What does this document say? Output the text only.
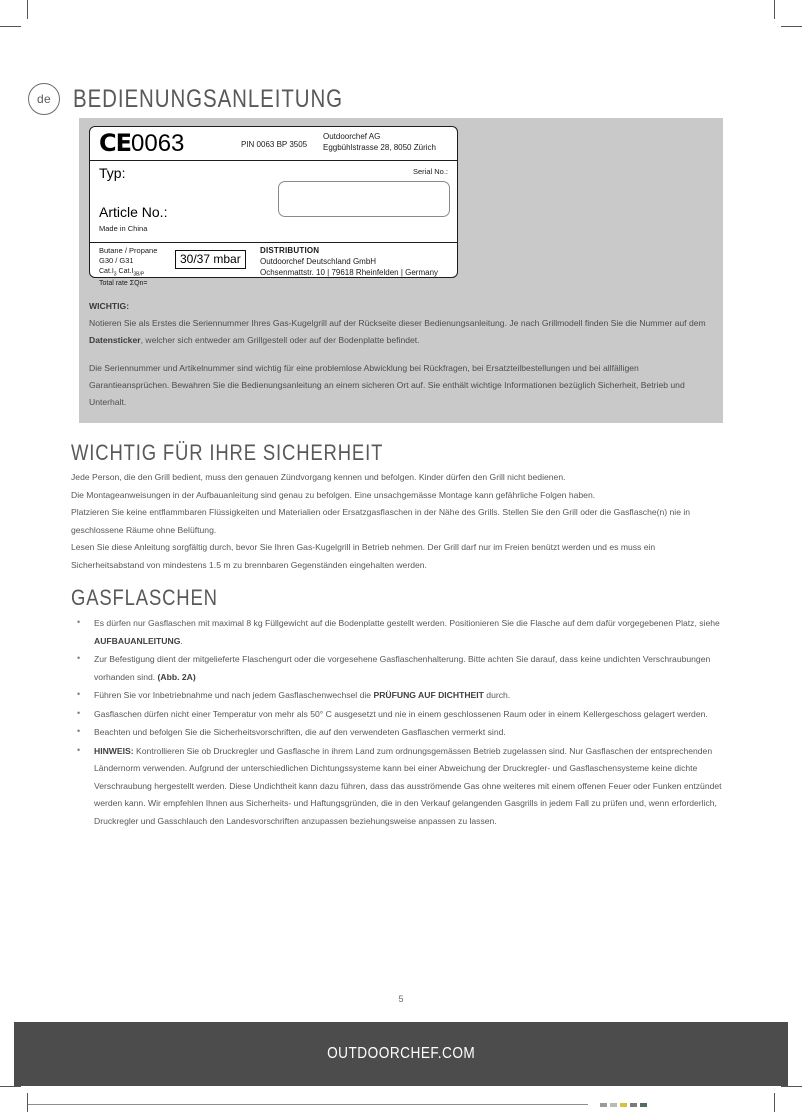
de BEDIENUNGSANLEITUNG
CE0063	PIN 0063 BP 3505
Outdoorchef AG
Eggbühlstrasse 28, 8050 Zürich
Typ:	Serial No.:
Article No.:
Made in China
Butane / Propane
G30 / G31
$Cat.I_3$ $Cat.I_{3B/P}$
Total rate ΣQn=
30/37 mbar
DISTRIBUTION
Outdoorchef Deutschland GmbH
Ochsenmattstr. 10 | 79618 Rheinfelden | Germany

WICHTIG:
Notieren Sie als Erstes die Seriennummer Ihres Gas-Kugelgrill auf der Rückseite dieser Bedienungsanleitung. Je nach Grillmodell finden Sie die Nummer auf dem Datensticker, welcher sich entweder am Grillgestell oder auf der Bodenplatte befindet.

Die Seriennummer und Artikelnummer sind wichtig für eine problemlose Abwicklung bei Rückfragen, bei Ersatzteilbestellungen und bei allfälligen Garantieansprüchen. Bewahren Sie die Bedienungsanleitung an einem sicheren Ort auf. Sie enthält wichtige Informationen bezüglich Sicherheit, Betrieb und Unterhalt.

WICHTIG FÜR IHRE SICHERHEIT

Jede Person, die den Grill bedient, muss den genauen Zündvorgang kennen und befolgen. Kinder dürfen den Grill nicht bedienen.

Die Montageanweisungen in der Aufbauanleitung sind genau zu befolgen. Eine unsachgemässe Montage kann gefährliche Folgen haben.

Platzieren Sie keine entflammbaren Flüssigkeiten und Materialien oder Ersatzgasflaschen in der Nähe des Grills. Stellen Sie den Grill oder die Gasflasche(n) nie in geschlossene Räume ohne Belüftung.

Lesen Sie diese Anleitung sorgfältig durch, bevor Sie Ihren Gas-Kugelgrill in Betrieb nehmen. Der Grill darf nur im Freien benützt werden und es muss ein Sicherheitsabstand von mindestens 1.5 m zu brennbaren Gegenständen eingehalten werden.

GASFLASCHEN
• Es dürfen nur Gasflaschen mit maximal 8 kg Füllgewicht auf die Bodenplatte gestellt werden. Positionieren Sie die Flasche auf dem dafür vorgegebenen Platz, siehe AUFBAUANLEITUNG.
• Zur Befestigung dient der mitgelieferte Flaschengurt oder die vorgesehene Gasflaschenhalterung. Bitte achten Sie darauf, dass keine undichten Verschraubungen vorhanden sind. (Abb. 2A)
• Führen Sie vor Inbetriebnahme und nach jedem Gasflaschenwechsel die PRÜFUNG AUF DICHTHEIT durch.
• Gasflaschen dürfen nicht einer Temperatur von mehr als 50° C ausgesetzt und nie in einem geschlossenen Raum oder in einem Kellergeschoss gelagert werden.
• Beachten und befolgen Sie die Sicherheitsvorschriften, die auf den verwendeten Gasflaschen vermerkt sind.
• HINWEIS: Kontrollieren Sie ob Druckregler und Gasflasche in ihrem Land zum ordnungsgemässen Betrieb zugelassen sind. Nur Gasflaschen der entsprechenden Ländernorm verwenden. Aufgrund der unterschiedlichen Dichtungssysteme kann bei einer Abweichung der Druckregler- und Gasflaschensysteme keine dichte Verschraubung hergestellt werden. Diese Undichtheit kann dazu führen, dass das ausströmende Gas ohne weiteres mit einem offenen Feuer oder Funken entzündet werden kann. Wir empfehlen Ihnen aus Sicherheits- und Haftungsgründen, die in den Verkauf gelangenden Gasgrills in jedem Fall zu prüfen und, wenn erforderlich, Druckregler und Gasschlauch den Landesvorschriften anzupassen beziehungsweise anpassen zu lassen.
5
OUTDOORCHEF.COM
